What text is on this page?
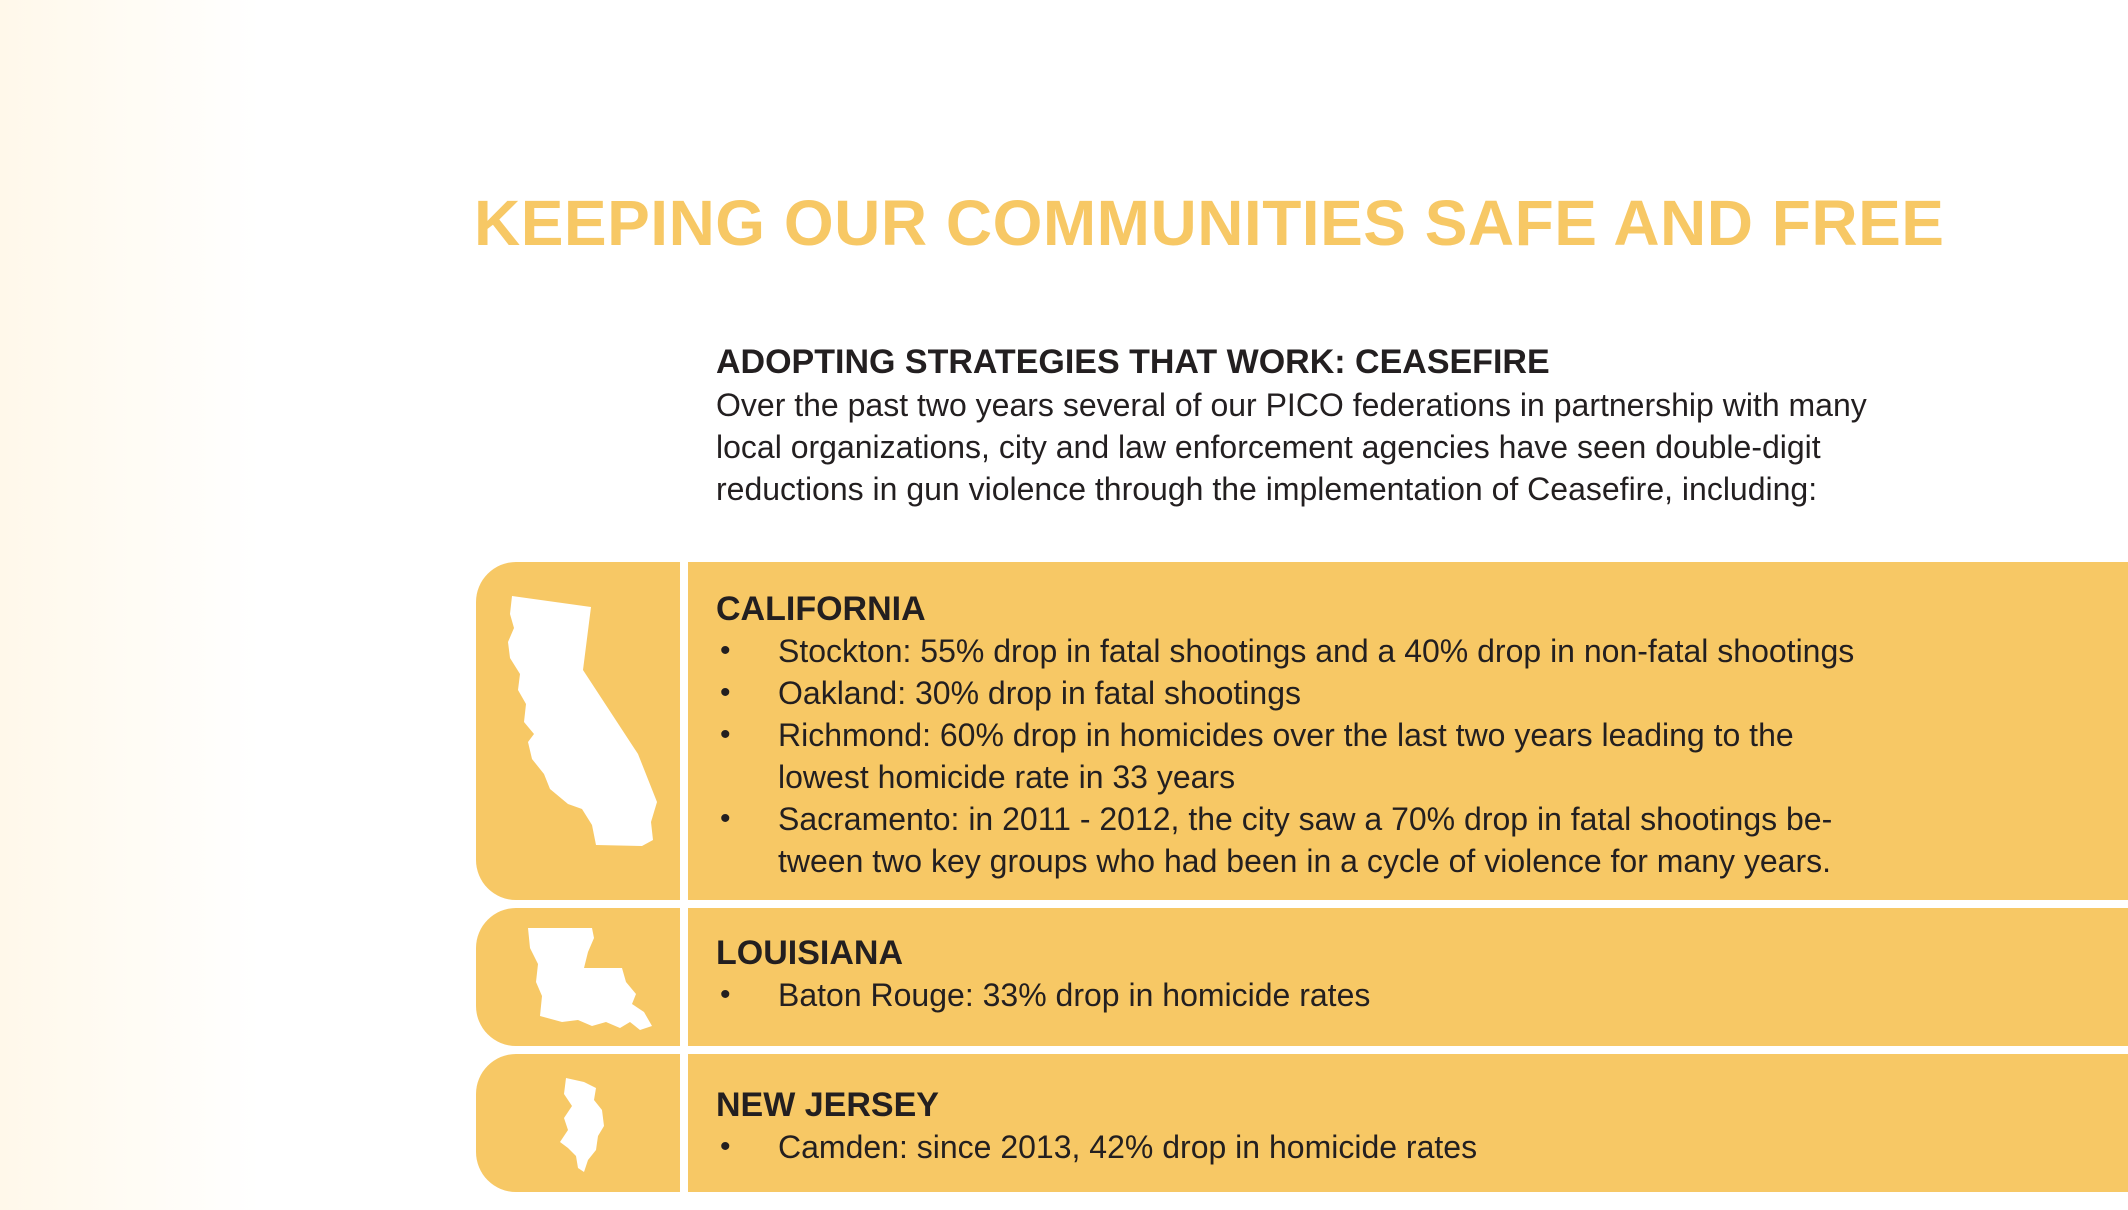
KEEPING OUR COMMUNITIES SAFE AND FREE
ADOPTING STRATEGIES THAT WORK: CEASEFIRE

Over the past two years several of our PICO federations in partnership with many
local organizations, city and law enforcement agencies have seen double-digit
reductions in gun violence through the implementation of Ceasefire, including:

CALIFORNIA
• Stockton: 55% drop in fatal shootings and a 40% drop in non-fatal shootings
• Oakland: 30% drop in fatal shootings
• Richmond: 60% drop in homicides over the last two years leading to the
lowest homicide rate in 33 years
• Sacramento: in 2011 - 2012, the city saw a 70% drop in fatal shootings be-
tween two key groups who had been in a cycle of violence for many years.
LOUISIANA
• Baton Rouge: 33% drop in homicide rates
NEW JERSEY
• Camden: since 2013, 42% drop in homicide rates
